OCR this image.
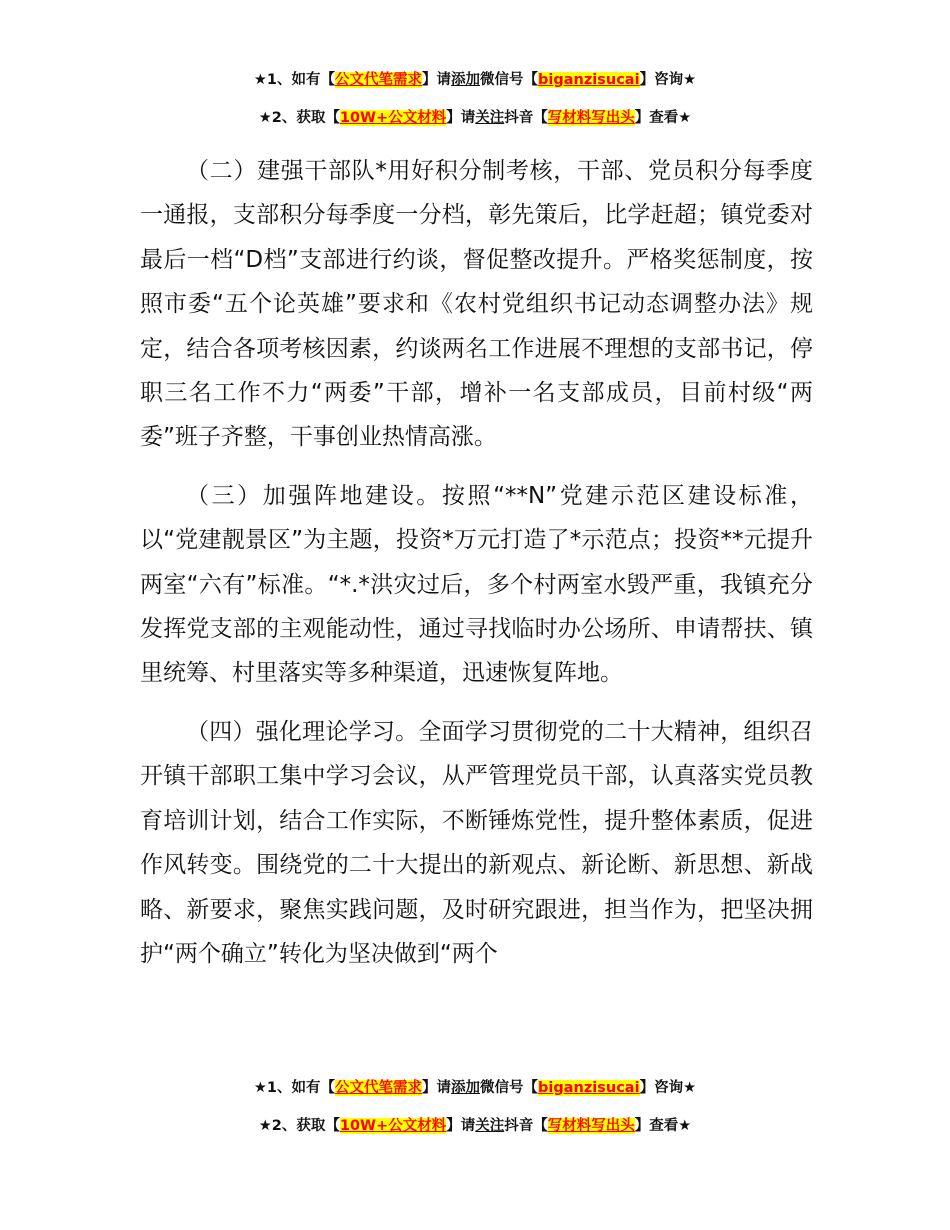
★1、如有【公文代笔需求】请添加微信号【biganzisucai】咨询★
★2、获取【10W+公文材料】请关注抖音【写材料写出头】查看★

（二）建强干部队*用好积分制考核，干部、党员积分每季度一通报，支部积分每季度一分档，彰先策后，比学赶超；镇党委对最后一档“D档”支部进行约谈，督促整改提升。严格奖惩制度，按照市委“五个论英雄”要求和《农村党组织书记动态调整办法》规定，结合各项考核因素，约谈两名工作进展不理想的支部书记，停职三名工作不力“两委”干部，增补一名支部成员，目前村级“两委”班子齐整，干事创业热情高涨。

（三）加强阵地建设。按照“**N”党建示范区建设标准，以“党建靓景区”为主题，投资*万元打造了*示范点；投资**元提升两室“六有”标准。“*.*洪灾过后，多个村两室水毁严重，我镇充分发挥党支部的主观能动性，通过寻找临时办公场所、申请帮扶、镇里统筹、村里落实等多种渠道，迅速恢复阵地。

（四）强化理论学习。全面学习贯彻党的二十大精神，组织召开镇干部职工集中学习会议，从严管理党员干部，认真落实党员教育培训计划，结合工作实际，不断锤炼党性，提升整体素质，促进作风转变。围绕党的二十大提出的新观点、新论断、新思想、新战略、新要求，聚焦实践问题，及时研究跟进，担当作为，把坚决拥护“两个确立”转化为坚决做到“两个

★1、如有【公文代笔需求】请添加微信号【biganzisucai】咨询★
★2、获取【10W+公文材料】请关注抖音【写材料写出头】查看★
